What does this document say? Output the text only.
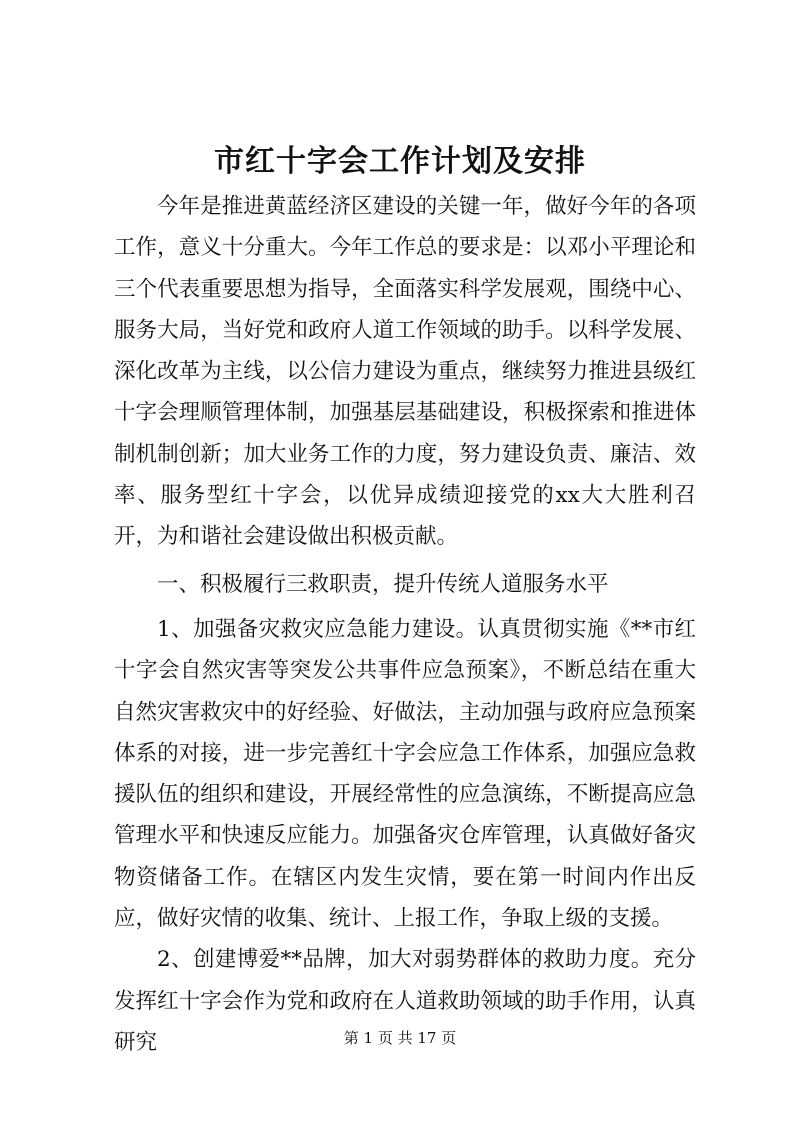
市红十字会工作计划及安排

今年是推进黄蓝经济区建设的关键一年，做好今年的各项工作，意义十分重大。今年工作总的要求是：以邓小平理论和三个代表重要思想为指导，全面落实科学发展观，围绕中心、服务大局，当好党和政府人道工作领域的助手。以科学发展、深化改革为主线，以公信力建设为重点，继续努力推进县级红十字会理顺管理体制，加强基层基础建设，积极探索和推进体制机制创新；加大业务工作的力度，努力建设负责、廉洁、效率、服务型红十字会，以优异成绩迎接党的xx大大胜利召开，为和谐社会建设做出积极贡献。

一、积极履行三救职责，提升传统人道服务水平

1、加强备灾救灾应急能力建设。认真贯彻实施《**市红十字会自然灾害等突发公共事件应急预案》，不断总结在重大自然灾害救灾中的好经验、好做法，主动加强与政府应急预案体系的对接，进一步完善红十字会应急工作体系，加强应急救援队伍的组织和建设，开展经常性的应急演练，不断提高应急管理水平和快速反应能力。加强备灾仓库管理，认真做好备灾物资储备工作。在辖区内发生灾情，要在第一时间内作出反应，做好灾情的收集、统计、上报工作，争取上级的支援。

2、创建博爱**品牌，加大对弱势群体的救助力度。充分发挥红十字会作为党和政府在人道救助领域的助手作用，认真研究	第 1 页 共 17 页
